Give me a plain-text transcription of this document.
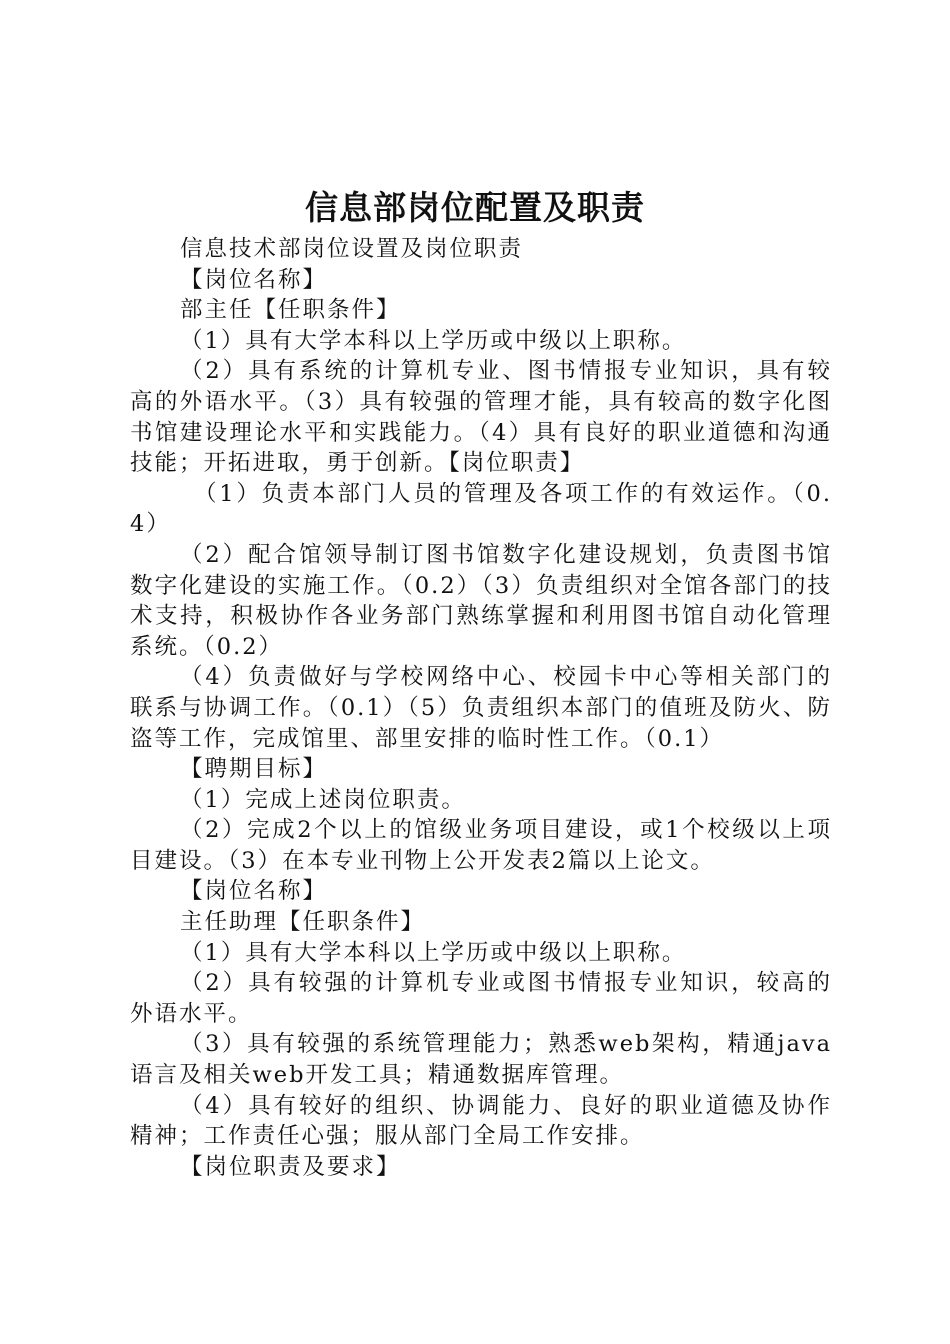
信息部岗位配置及职责

信息技术部岗位设置及岗位职责

【岗位名称】

部主任【任职条件】

（1）具有大学本科以上学历或中级以上职称。

（2）具有系统的计算机专业、图书情报专业知识，具有较高的外语水平。（3）具有较强的管理才能，具有较高的数字化图书馆建设理论水平和实践能力。（4）具有良好的职业道德和沟通技能；开拓进取，勇于创新。【岗位职责】

（1）负责本部门人员的管理及各项工作的有效运作。（0.4）

（2）配合馆领导制订图书馆数字化建设规划，负责图书馆数字化建设的实施工作。（0.2）（3）负责组织对全馆各部门的技术支持，积极协作各业务部门熟练掌握和利用图书馆自动化管理系统。（0.2）

（4）负责做好与学校网络中心、校园卡中心等相关部门的联系与协调工作。（0.1）（5）负责组织本部门的值班及防火、防盗等工作，完成馆里、部里安排的临时性工作。（0.1）

【聘期目标】

（1）完成上述岗位职责。

（2）完成2个以上的馆级业务项目建设，或1个校级以上项目建设。（3）在本专业刊物上公开发表2篇以上论文。

【岗位名称】

主任助理【任职条件】

（1）具有大学本科以上学历或中级以上职称。

（2）具有较强的计算机专业或图书情报专业知识，较高的外语水平。

（3）具有较强的系统管理能力；熟悉web架构，精通java语言及相关web开发工具；精通数据库管理。

（4）具有较好的组织、协调能力、良好的职业道德及协作精神；工作责任心强；服从部门全局工作安排。

【岗位职责及要求】
